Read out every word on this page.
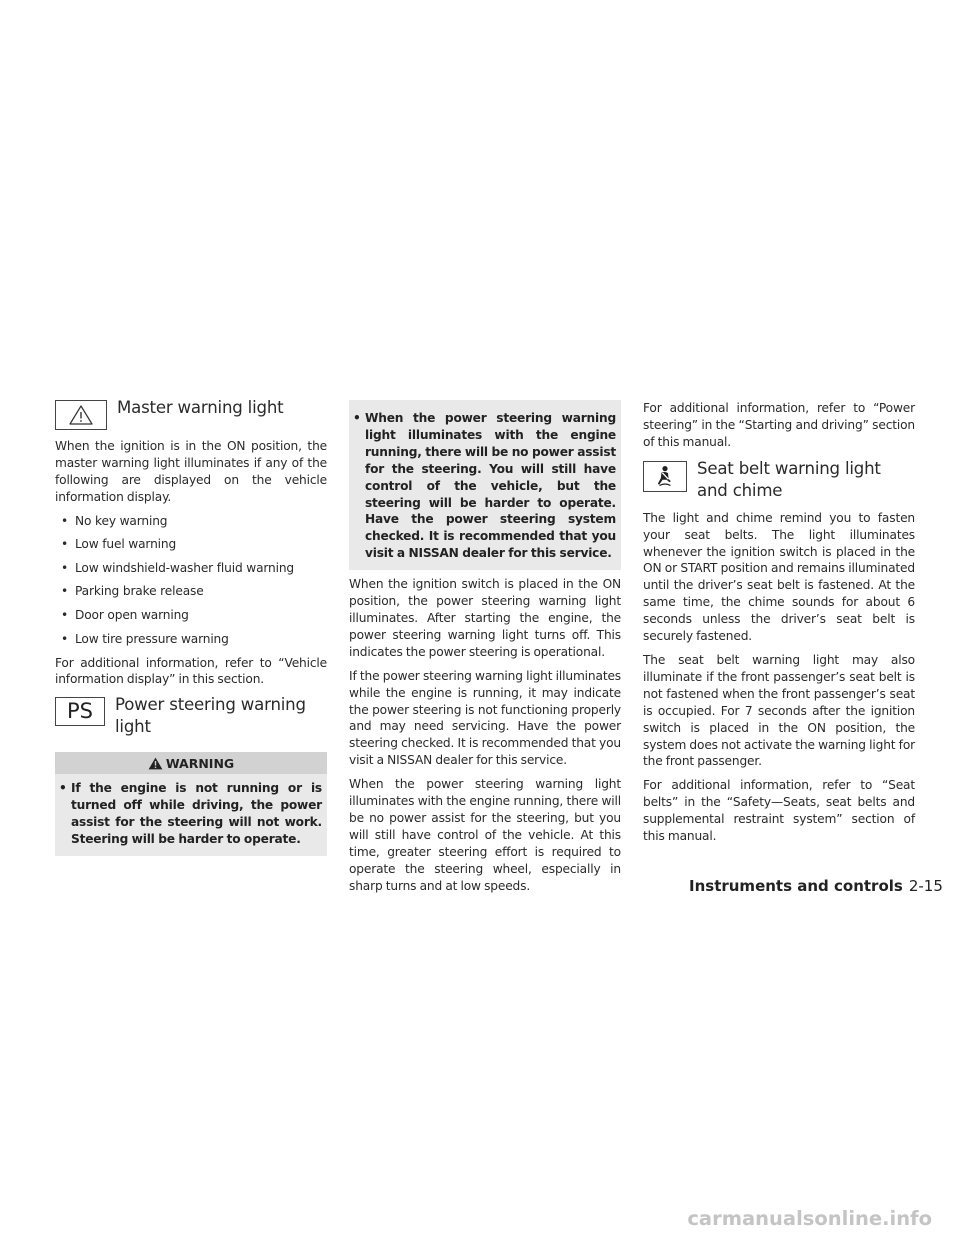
Master warning light

When the ignition is in the ON position, the master warning light illuminates if any of the following are displayed on the vehicle information display.

• No key warning
• Low fuel warning
• Low windshield-washer fluid warning
• Parking brake release
• Door open warning
• Low tire pressure warning

For additional information, refer to “Vehicle information display” in this section.

PS	Power steering warning light
WARNING
• If the engine is not running or is turned off while driving, the power assist for the steering will not work. Steering will be harder to operate.
• When the power steering warning light illuminates with the engine running, there will be no power assist for the steering. You will still have control of the vehicle, but the steering will be harder to operate. Have the power steering system checked. It is recommended that you visit a NISSAN dealer for this service.

When the ignition switch is placed in the ON position, the power steering warning light illuminates. After starting the engine, the power steering warning light turns off. This indicates the power steering is operational.

If the power steering warning light illuminates while the engine is running, it may indicate the power steering is not functioning properly and may need servicing. Have the power steering checked. It is recommended that you visit a NISSAN dealer for this service.

When the power steering warning light illuminates with the engine running, there will be no power assist for the steering, but you will still have control of the vehicle. At this time, greater steering effort is required to operate the steering wheel, especially in sharp turns and at low speeds.

For additional information, refer to “Power steering” in the “Starting and driving” section of this manual.

Seat belt warning light and chime

The light and chime remind you to fasten your seat belts. The light illuminates whenever the ignition switch is placed in the ON or START position and remains illuminated until the driver’s seat belt is fastened. At the same time, the chime sounds for about 6 seconds unless the driver’s seat belt is securely fastened.

The seat belt warning light may also illuminate if the front passenger’s seat belt is not fastened when the front passenger’s seat is occupied. For 7 seconds after the ignition switch is placed in the ON position, the system does not activate the warning light for the front passenger.

For additional information, refer to “Seat belts” in the “Safety—Seats, seat belts and supplemental restraint system” section of this manual.

Instruments and controls 2-15
carmanualsonline.info
